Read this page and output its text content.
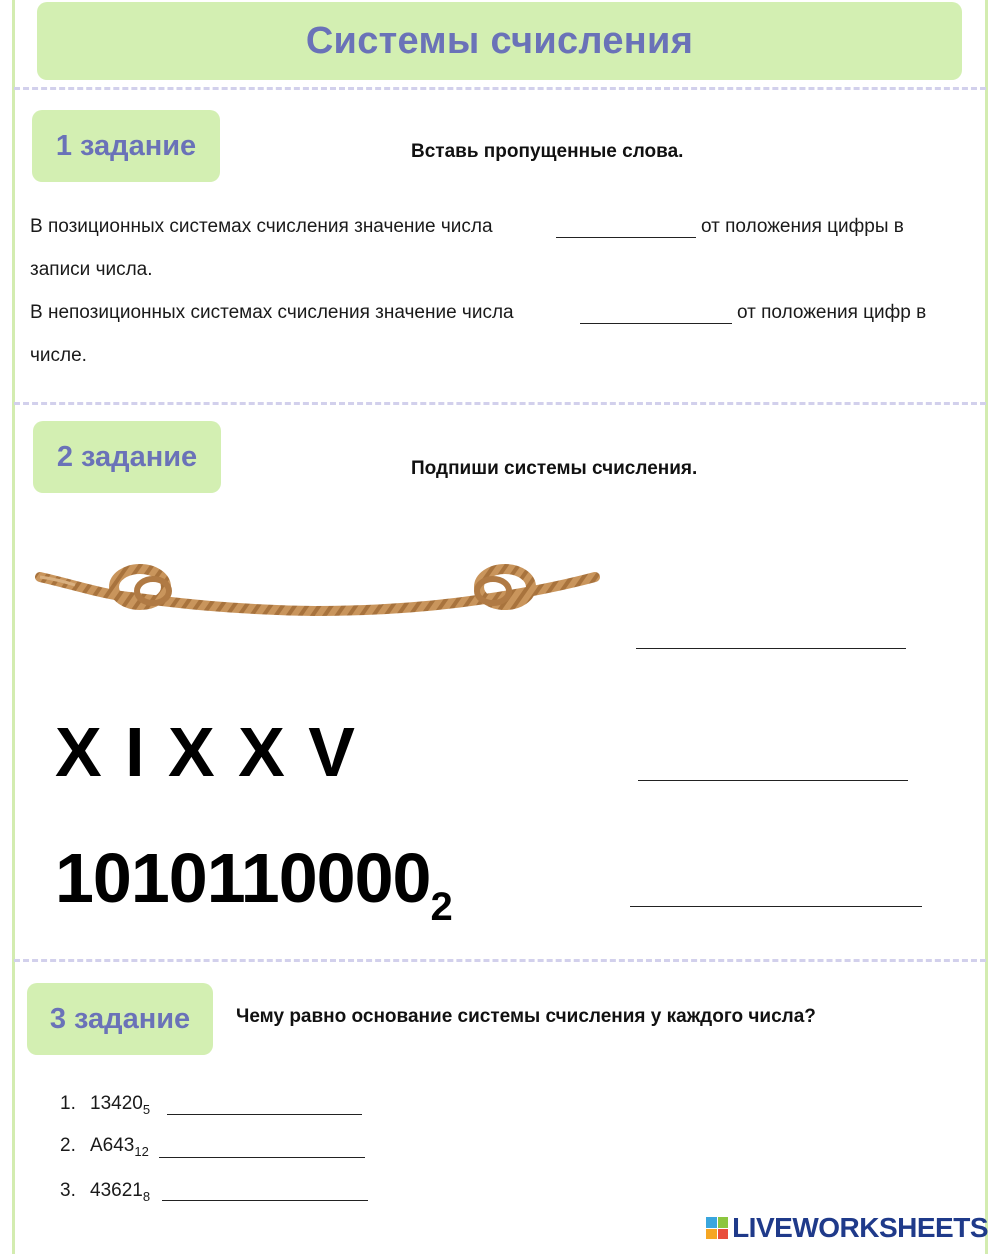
Системы счисления
1 задание	Вставь пропущенные слова.
В позиционных системах счисления значение числа	от положения цифры в
записи числа.
В непозиционных системах счисления значение числа	от положения цифр в
числе.
2 задание	Подпиши системы счисления.
X I X X V
$1010110000_2$
3 задание Чему равно основание системы счисления у каждого числа?
1. $13420_5$
2. $A643_{12}$
3. $43621_8$
LIVEWORKSHEETS
